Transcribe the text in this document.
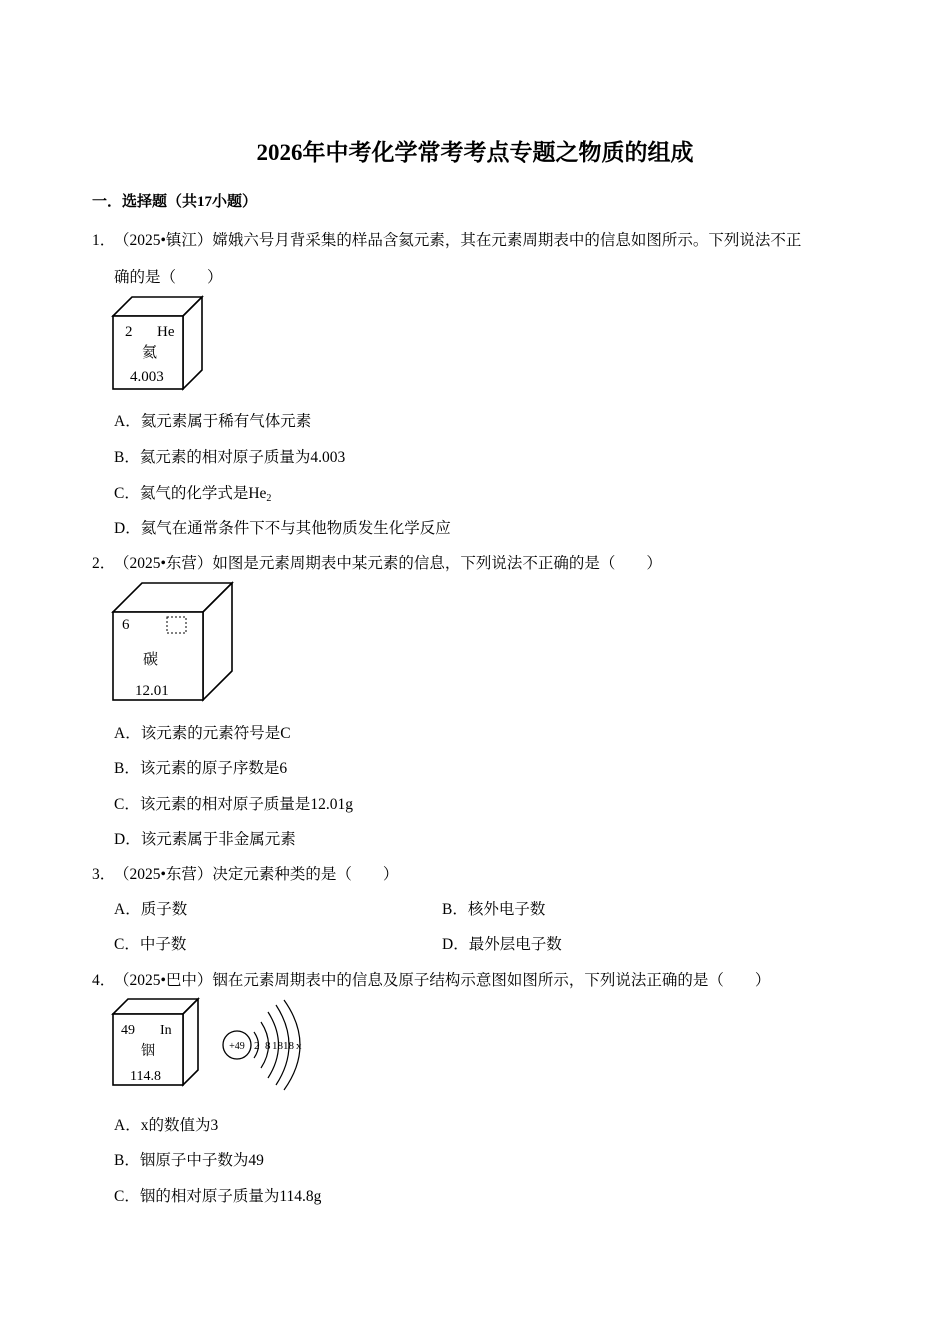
2026年中考化学常考考点专题之物质的组成
一．选择题（共17小题）
1．（2025•镇江）嫦娥六号月背采集的样品含氦元素，其在元素周期表中的信息如图所示。下列说法不正
确的是（　　）
2 He
氦
4.003
A．氦元素属于稀有气体元素
B．氦元素的相对原子质量为4.003
C．氦气的化学式是$He_2$
D．氦气在通常条件下不与其他物质发生化学反应
2．（2025•东营）如图是元素周期表中某元素的信息，下列说法不正确的是（　　）
6
碳
12.01
A．该元素的元素符号是C
B．该元素的原子序数是6
C．该元素的相对原子质量是12.01g
D．该元素属于非金属元素
3．（2025•东营）决定元素种类的是（　　）
A．质子数	B．核外电子数
C．中子数	D．最外层电子数
4．（2025•巴中）铟在元素周期表中的信息及原子结构示意图如图所示，下列说法正确的是（　　）
49 In
铟
114.8
+49 2 8 18 18 x
A．x的数值为3
B．铟原子中子数为49
C．铟的相对原子质量为114.8g
